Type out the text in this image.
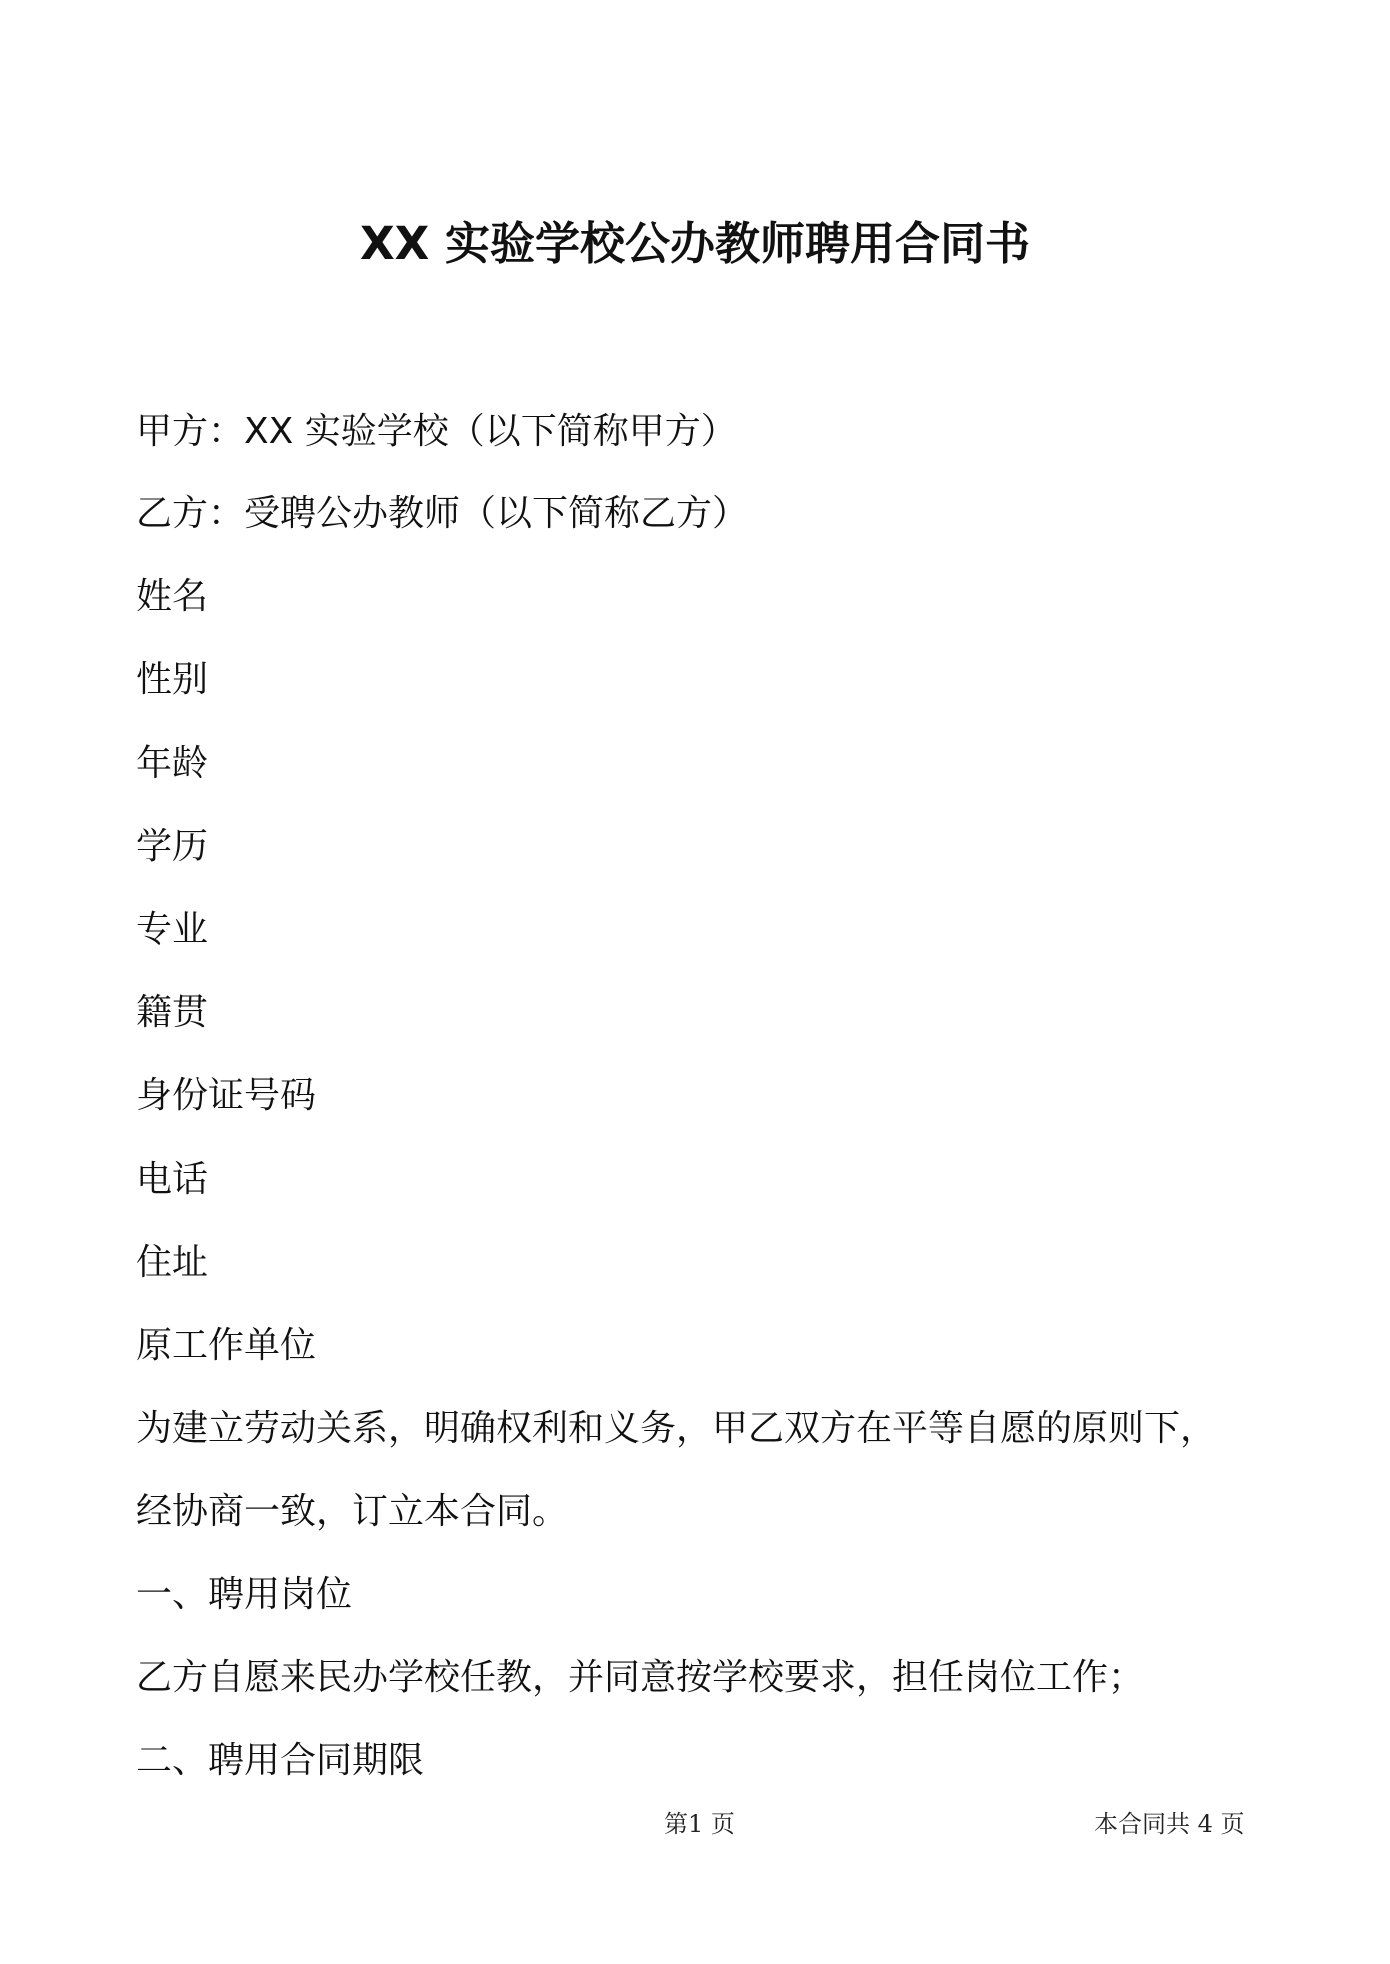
XX 实验学校公办教师聘用合同书
甲方：XX 实验学校（以下简称甲方）
乙方：受聘公办教师（以下简称乙方）
姓名
性别
年龄
学历
专业
籍贯
身份证号码
电话
住址
原工作单位
为建立劳动关系，明确权利和义务，甲乙双方在平等自愿的原则下，
经协商一致，订立本合同。
一、聘用岗位
乙方自愿来民办学校任教，并同意按学校要求，担任岗位工作；
二、聘用合同期限
第1 页	本合同共 4 页
